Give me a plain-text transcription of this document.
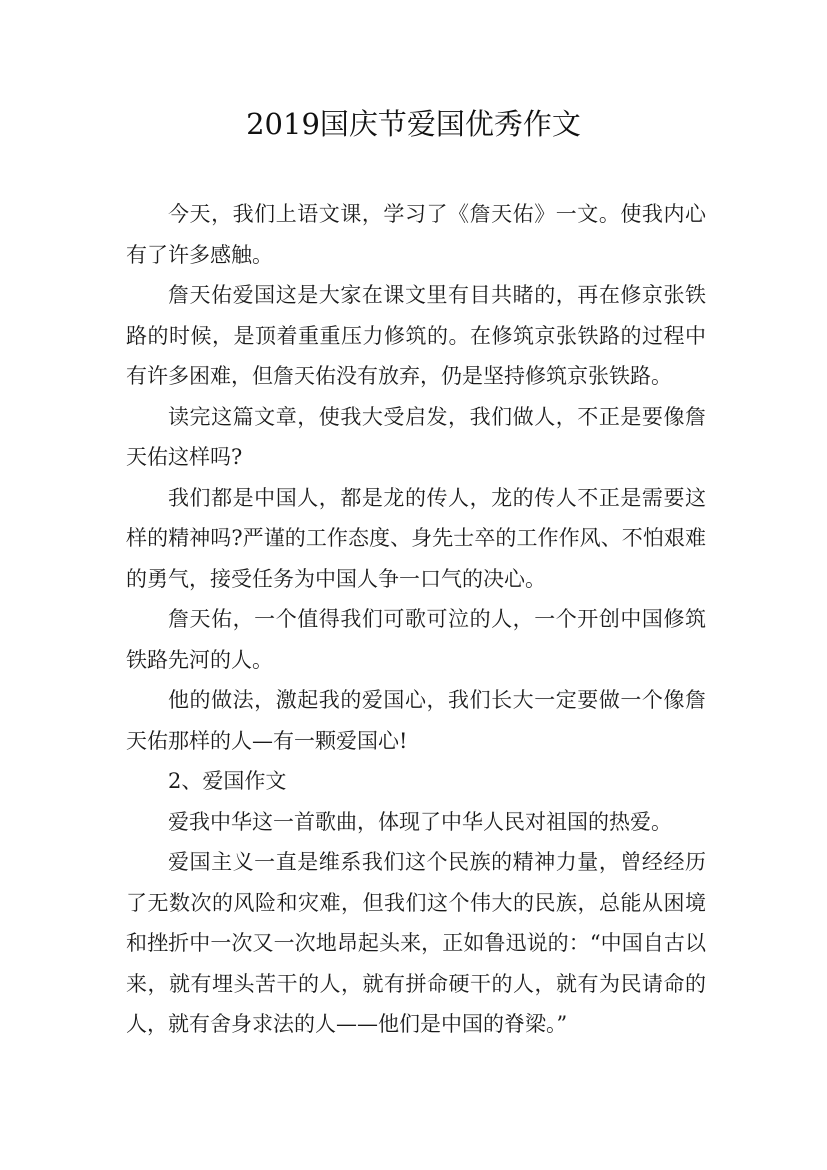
2019国庆节爱国优秀作文

今天，我们上语文课，学习了《詹天佑》一文。使我内心有了许多感触。

詹天佑爱国这是大家在课文里有目共睹的，再在修京张铁路的时候，是顶着重重压力修筑的。在修筑京张铁路的过程中有许多困难，但詹天佑没有放弃，仍是坚持修筑京张铁路。

读完这篇文章，使我大受启发，我们做人，不正是要像詹天佑这样吗?

我们都是中国人，都是龙的传人，龙的传人不正是需要这样的精神吗?严谨的工作态度、身先士卒的工作作风、不怕艰难的勇气，接受任务为中国人争一口气的决心。

詹天佑，一个值得我们可歌可泣的人，一个开创中国修筑铁路先河的人。

他的做法，激起我的爱国心，我们长大一定要做一个像詹天佑那样的人—有一颗爱国心!

2、爱国作文

爱我中华这一首歌曲，体现了中华人民对祖国的热爱。

爱国主义一直是维系我们这个民族的精神力量，曾经经历了无数次的风险和灾难，但我们这个伟大的民族，总能从困境和挫折中一次又一次地昂起头来，正如鲁迅说的：“中国自古以来，就有埋头苦干的人，就有拼命硬干的人，就有为民请命的人，就有舍身求法的人——他们是中国的脊梁。”
